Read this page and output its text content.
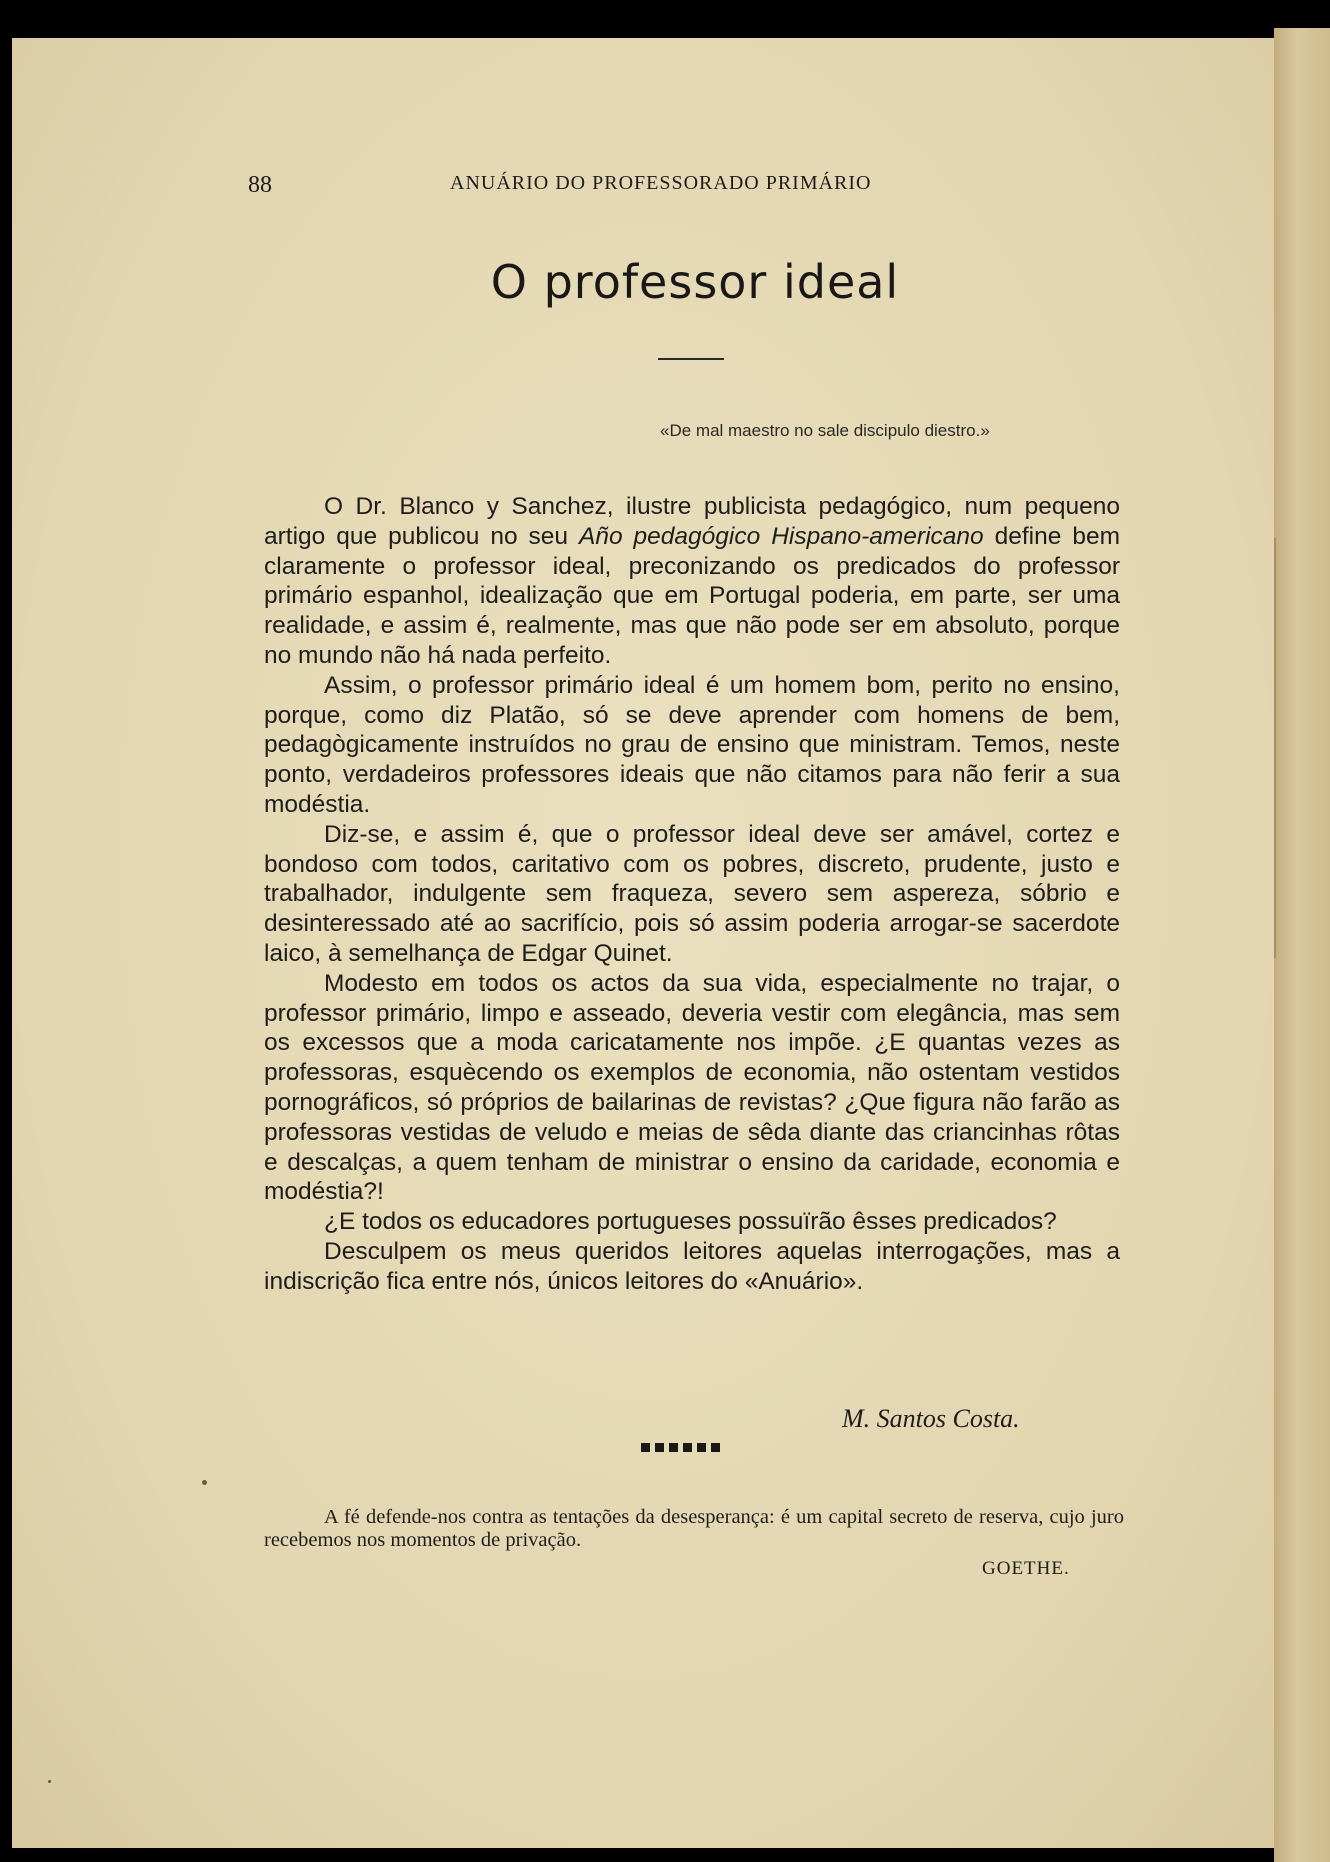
88	ANUÁRIO DO PROFESSORADO PRIMÁRIO
O professor ideal
«De mal maestro no sale discipulo diestro.»

O Dr. Blanco y Sanchez, ilustre publicista pedagógico, num pequeno artigo que publicou no seu Año pedagógico Hispano-americano define bem claramente o professor ideal, preconizando os predicados do professor primário espanhol, idealização que em Portugal poderia, em parte, ser uma realidade, e assim é, realmente, mas que não pode ser em absoluto, porque no mundo não há nada perfeito.

Assim, o professor primário ideal é um homem bom, perito no ensino, porque, como diz Platão, só se deve aprender com homens de bem, pedagògicamente instruídos no grau de ensino que ministram. Temos, neste ponto, verdadeiros professores ideais que não citamos para não ferir a sua modéstia.

Diz-se, e assim é, que o professor ideal deve ser amável, cortez e bondoso com todos, caritativo com os pobres, discreto, prudente, justo e trabalhador, indulgente sem fraqueza, severo sem aspereza, sóbrio e desinteressado até ao sacrifício, pois só assim poderia arrogar-se sacerdote laico, à semelhança de Edgar Quinet.

Modesto em todos os actos da sua vida, especialmente no trajar, o professor primário, limpo e asseado, deveria vestir com elegância, mas sem os excessos que a moda caricatamente nos impõe. ¿E quantas vezes as professoras, esquècendo os exemplos de economia, não ostentam vestidos pornográficos, só próprios de bailarinas de revistas? ¿Que figura não farão as professoras vestidas de veludo e meias de sêda diante das criancinhas rôtas e descalças, a quem tenham de ministrar o ensino da caridade, economia e modéstia?!

¿E todos os educadores portugueses possuïrão êsses predicados?

Desculpem os meus queridos leitores aquelas interrogações, mas a indiscrição fica entre nós, únicos leitores do «Anuário».

M. Santos Costa.

A fé defende-nos contra as tentações da desesperança: é um capital secreto de reserva, cujo juro recebemos nos momentos de privação.

GOETHE.
